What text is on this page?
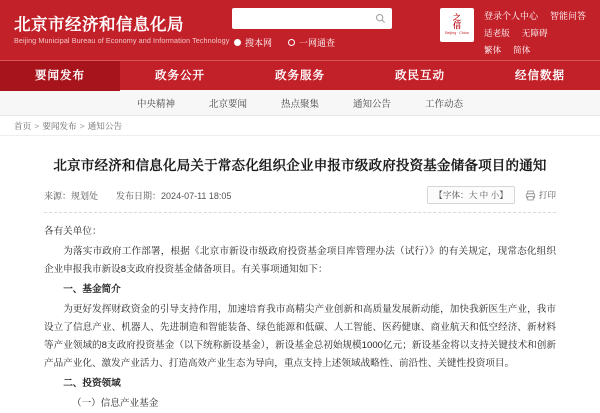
北京市经济和信息化局
Beijing Municipal Bureau of Economy and Information Technology 搜本网	一网通查
之
信
Beijing · China
登录个人中心 智能问答
适老版 无障碍
繁体 简体
要闻发布	政务公开	政务服务	政民互动	经信数据
中央精神	北京要闻	热点聚集	通知公告	工作动态
首页 > 要闻发布 > 通知公告
北京市经济和信息化局关于常态化组织企业申报市级政府投资基金储备项目的通知
来源：规划处 发布日期：2024-07-11 18:05	【字体：大 中 小】	打印

各有关单位：

为落实市政府工作部署，根据《北京市新设市级政府投资基金项目库管理办法（试行）》的有关规定，现常态化组织企业申报我市新设8支政府投资基金储备项目。有关事项通知如下：

一、基金简介

为更好发挥财政资金的引导支持作用，加速培育我市高精尖产业创新和高质量发展新动能，加快我新医生产业，我市设立了信息产业、机器人、先进制造和智能装备、绿色能源和低碳、人工智能、医药健康、商业航天和低空经济、新材料等产业领域的8支政府投资基金（以下统称新设基金），新设基金总初始规模1000亿元；新设基金将以支持关键技术和创新产品产业化、激发产业活力、打造高效产业生态为导向，重点支持上述领域战略性、前沿性、关键性投资项目。

二、投资领域

（一）信息产业基金
